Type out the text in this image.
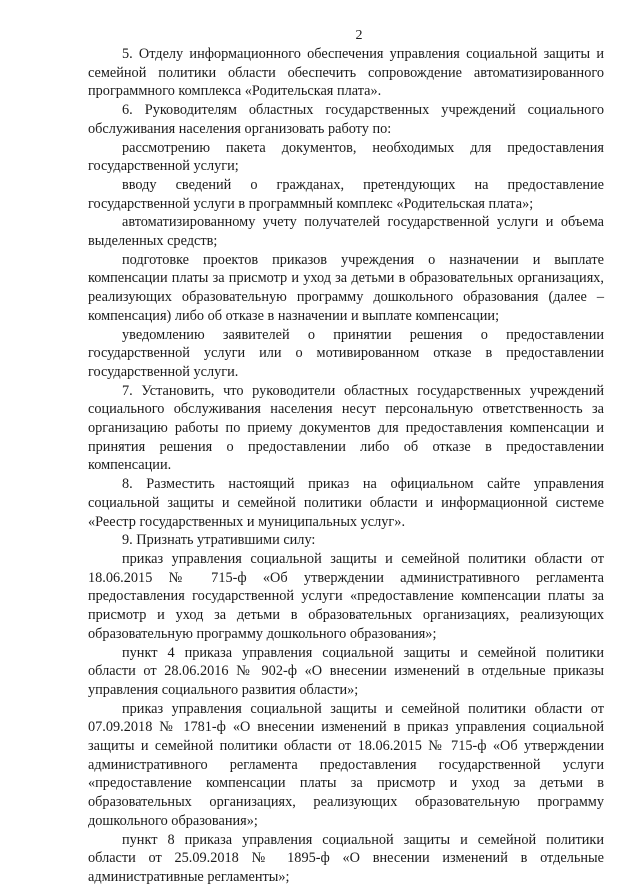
2

5. Отделу информационного обеспечения управления социальной защиты и семейной политики области обеспечить сопровождение автоматизированного программного комплекса «Родительская плата».

6. Руководителям областных государственных учреждений социального обслуживания населения организовать работу по:

рассмотрению пакета документов, необходимых для предоставления государственной услуги;

вводу сведений о гражданах, претендующих на предоставление государственной услуги в программный комплекс «Родительская плата»;

автоматизированному учету получателей государственной услуги и объема выделенных средств;

подготовке проектов приказов учреждения о назначении и выплате компенсации платы за присмотр и уход за детьми в образовательных организациях, реализующих образовательную программу дошкольного образования (далее – компенсация) либо об отказе в назначении и выплате компенсации;

уведомлению заявителей о принятии решения о предоставлении государственной услуги или о мотивированном отказе в предоставлении государственной услуги.

7. Установить, что руководители областных государственных учреждений социального обслуживания населения несут персональную ответственность за организацию работы по приему документов для предоставления компенсации и принятия решения о предоставлении либо об отказе в предоставлении компенсации.

8. Разместить настоящий приказ на официальном сайте управления социальной защиты и семейной политики области и информационной системе «Реестр государственных и муниципальных услуг».

9. Признать утратившими силу:

приказ управления социальной защиты и семейной политики области от 18.06.2015 № 715-ф «Об утверждении административного регламента предоставления государственной услуги «предоставление компенсации платы за присмотр и уход за детьми в образовательных организациях, реализующих образовательную программу дошкольного образования»;

пункт 4 приказа управления социальной защиты и семейной политики области от 28.06.2016 № 902-ф «О внесении изменений в отдельные приказы управления социального развития области»;

приказ управления социальной защиты и семейной политики области от 07.09.2018 № 1781-ф «О внесении изменений в приказ управления социальной защиты и семейной политики области от 18.06.2015 № 715-ф «Об утверждении административного регламента предоставления государственной услуги «предоставление компенсации платы за присмотр и уход за детьми в образовательных организациях, реализующих образовательную программу дошкольного образования»;

пункт 8 приказа управления социальной защиты и семейной политики области от 25.09.2018 № 1895-ф «О внесении изменений в отдельные административные регламенты»;
